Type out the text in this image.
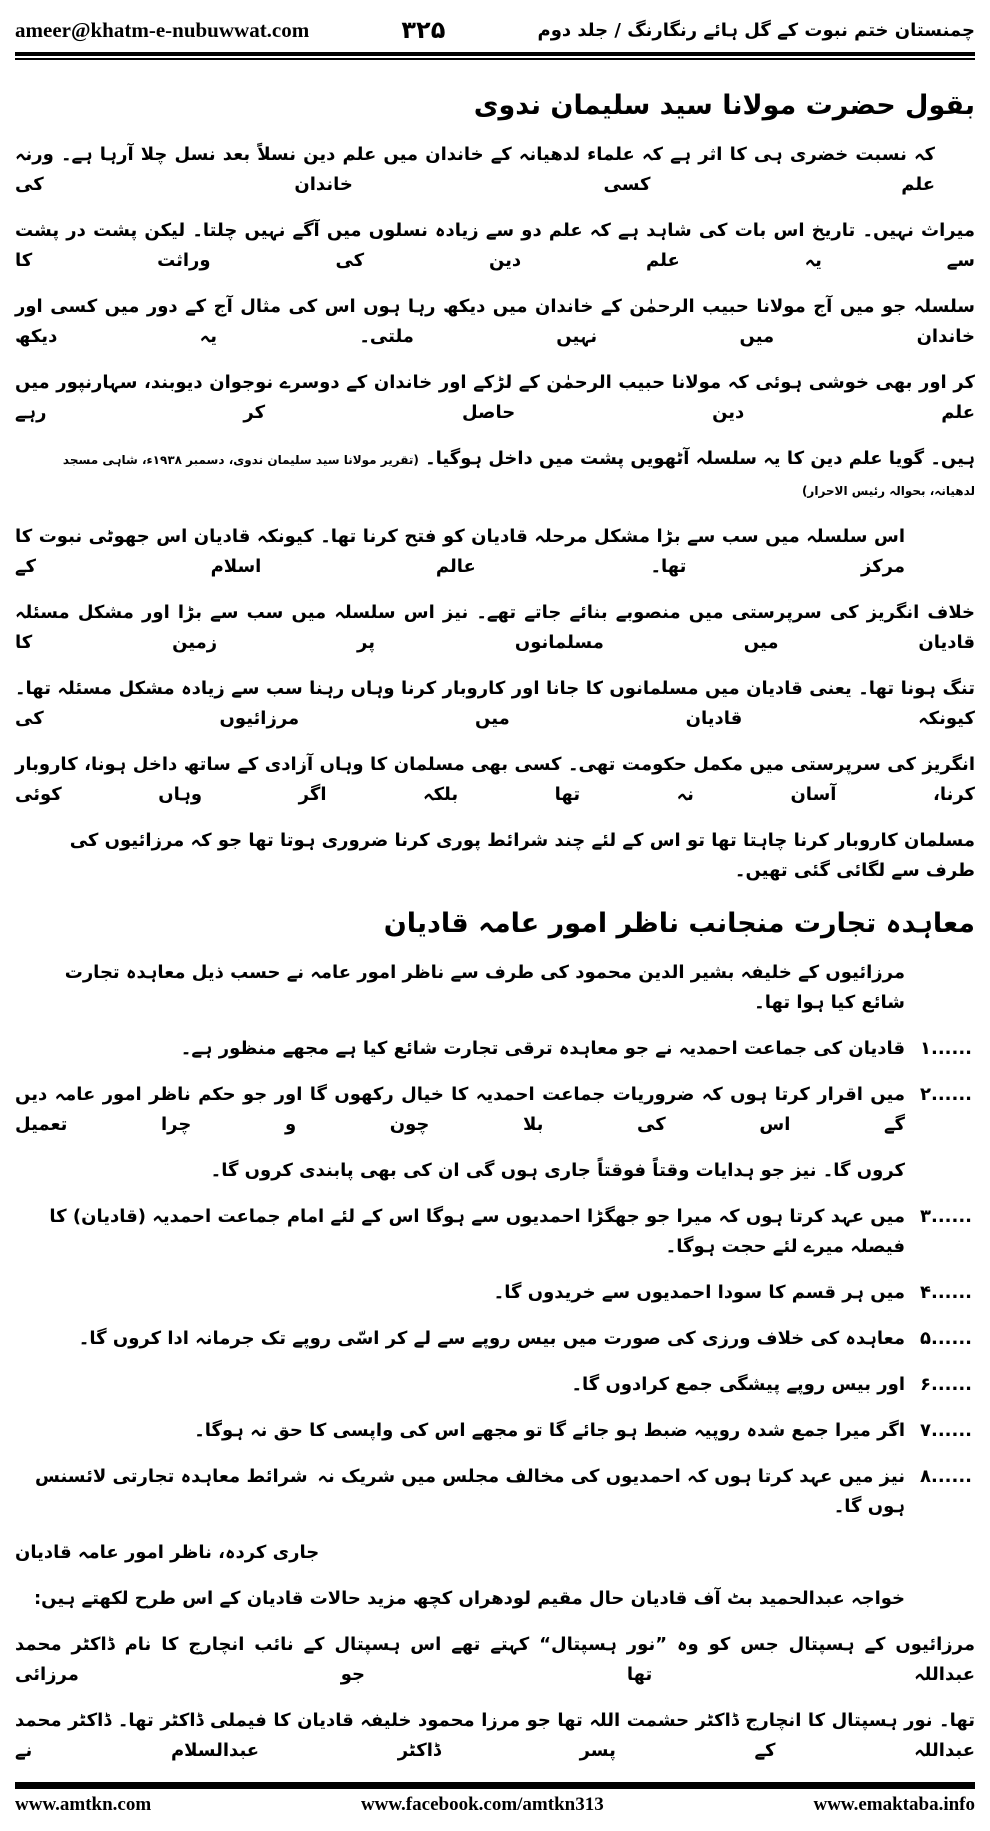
ameer@khatm-e-nubuwwat.com	۳۲۵	چمنستان ختم نبوت کے گل ہائے رنگارنگ / جلد دوم
بقول حضرت مولانا سید سلیمان ندوی
کہ نسبت خضری ہی کا اثر ہے کہ علماء لدھیانہ کے خاندان میں علم دین نسلاً بعد نسل چلا آرہا ہے۔ ورنہ علم کسی خاندان کی
میراث نہیں۔ تاریخ اس بات کی شاہد ہے کہ علم دو سے زیادہ نسلوں میں آگے نہیں چلتا۔ لیکن پشت در پشت سے یہ علم دین کی وراثت کا
سلسلہ جو میں آج مولانا حبیب الرحمٰن کے خاندان میں دیکھ رہا ہوں اس کی مثال آج کے دور میں کسی اور خاندان میں نہیں ملتی۔ یہ دیکھ
کر اور بھی خوشی ہوئی کہ مولانا حبیب الرحمٰن کے لڑکے اور خاندان کے دوسرے نوجوان دیوبند، سہارنپور میں علم دین حاصل کر رہے
ہیں۔ گویا علم دین کا یہ سلسلہ آٹھویں پشت میں داخل ہوگیا۔ (تقریر مولانا سید سلیمان ندوی، دسمبر ۱۹۳۸ء، شاہی مسجد لدھیانہ، بحوالہ رئیس الاحرار)
اس سلسلہ میں سب سے بڑا مشکل مرحلہ قادیان کو فتح کرنا تھا۔ کیونکہ قادیان اس جھوٹی نبوت کا مرکز تھا۔ عالم اسلام کے
خلاف انگریز کی سرپرستی میں منصوبے بنائے جاتے تھے۔ نیز اس سلسلہ میں سب سے بڑا اور مشکل مسئلہ قادیان میں مسلمانوں پر زمین کا
تنگ ہونا تھا۔ یعنی قادیان میں مسلمانوں کا جانا اور کاروبار کرنا وہاں رہنا سب سے زیادہ مشکل مسئلہ تھا۔ کیونکہ قادیان میں مرزائیوں کی
انگریز کی سرپرستی میں مکمل حکومت تھی۔ کسی بھی مسلمان کا وہاں آزادی کے ساتھ داخل ہونا، کاروبار کرنا، آسان نہ تھا بلکہ اگر وہاں کوئی
مسلمان کاروبار کرنا چاہتا تھا تو اس کے لئے چند شرائط پوری کرنا ضروری ہوتا تھا جو کہ مرزائیوں کی طرف سے لگائی گئی تھیں۔
معاہدہ تجارت منجانب ناظر امور عامہ قادیان
مرزائیوں کے خلیفہ بشیر الدین محمود کی طرف سے ناظر امور عامہ نے حسب ذیل معاہدہ تجارت شائع کیا ہوا تھا۔
۱......
قادیان کی جماعت احمدیہ نے جو معاہدہ ترقی تجارت شائع کیا ہے مجھے منظور ہے۔
۲......
میں اقرار کرتا ہوں کہ ضروریات جماعت احمدیہ کا خیال رکھوں گا اور جو حکم ناظر امور عامہ دیں گے اس کی بلا چون و چرا تعمیل
کروں گا۔ نیز جو ہدایات وقتاً فوقتاً جاری ہوں گی ان کی بھی پابندی کروں گا۔
۳......
میں عہد کرتا ہوں کہ میرا جو جھگڑا احمدیوں سے ہوگا اس کے لئے امام جماعت احمدیہ (قادیان) کا فیصلہ میرے لئے حجت ہوگا۔
۴......
میں ہر قسم کا سودا احمدیوں سے خریدوں گا۔
۵......
معاہدہ کی خلاف ورزی کی صورت میں بیس روپے سے لے کر اسّی روپے تک جرمانہ ادا کروں گا۔
۶......
اور بیس روپے پیشگی جمع کرادوں گا۔
۷......
اگر میرا جمع شدہ روپیہ ضبط ہو جائے گا تو مجھے اس کی واپسی کا حق نہ ہوگا۔
۸......
نیز میں عہد کرتا ہوں کہ احمدیوں کی مخالف مجلس میں شریک نہ ہوں گا۔
شرائط معاہدہ تجارتی لائسنس
جاری کردہ، ناظر امور عامہ قادیان
خواجہ عبدالحمید بٹ آف قادیان حال مقیم لودھراں کچھ مزید حالات قادیان کے اس طرح لکھتے ہیں:
مرزائیوں کے ہسپتال جس کو وہ ”نور ہسپتال“ کہتے تھے اس ہسپتال کے نائب انچارج کا نام ڈاکٹر محمد عبداللہ تھا جو مرزائی
تھا۔ نور ہسپتال کا انچارج ڈاکٹر حشمت اللہ تھا جو مرزا محمود خلیفہ قادیان کا فیملی ڈاکٹر تھا۔ ڈاکٹر محمد عبداللہ کے پسر ڈاکٹر عبدالسلام نے
www.amtkn.com	www.facebook.com/amtkn313	www.emaktaba.info
